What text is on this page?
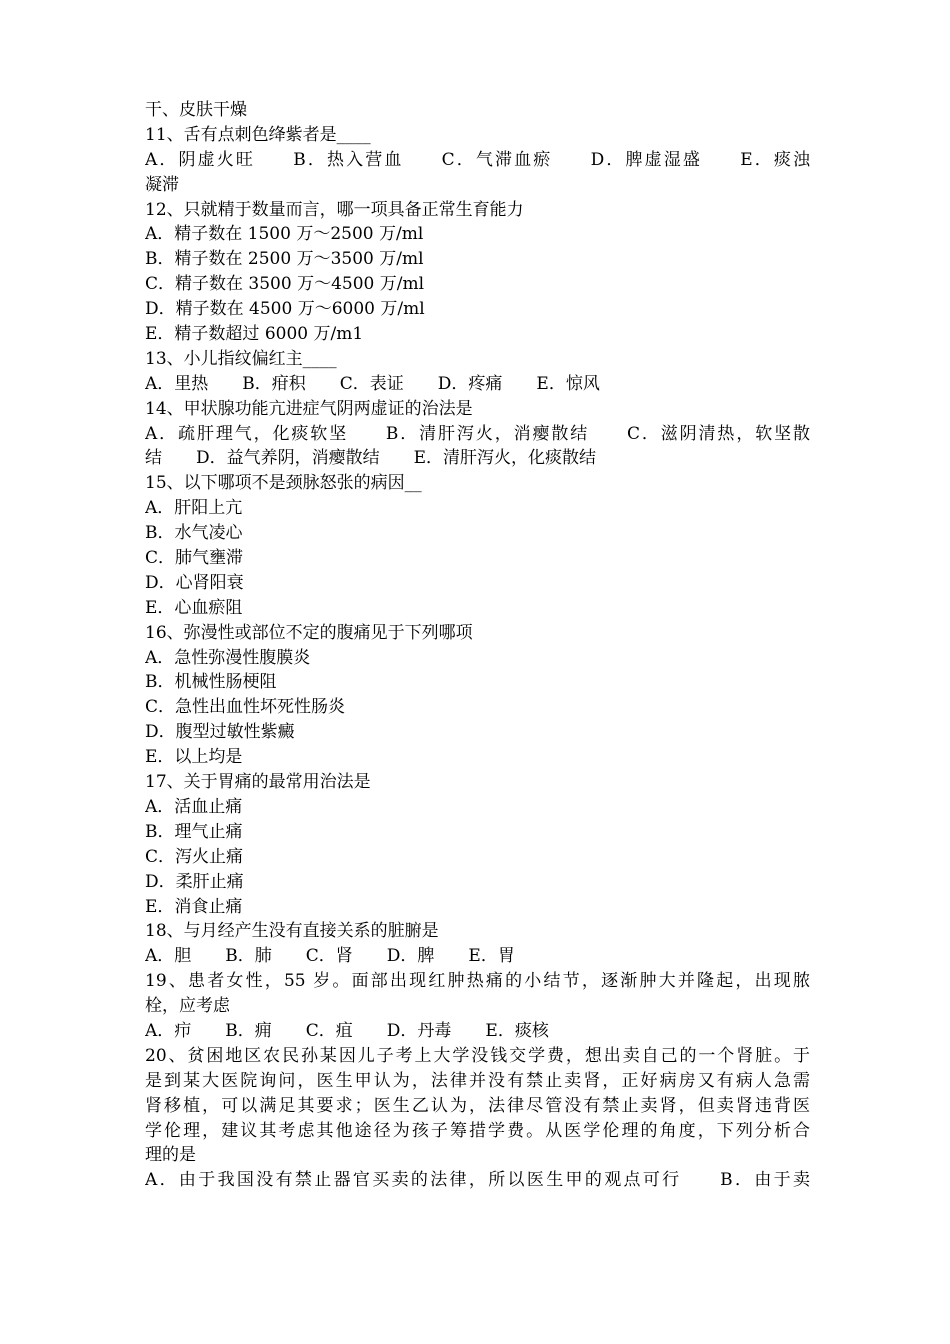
干、皮肤干燥
11、舌有点刺色绛紫者是____
A．阴虚火旺　　B．热入营血　　C．气滞血瘀　　D．脾虚湿盛　　E．痰浊
凝滞
12、只就精于数量而言，哪一项具备正常生育能力
A．精子数在 1500 万～2500 万/ml
B．精子数在 2500 万～3500 万/ml
C．精子数在 3500 万～4500 万/ml
D．精子数在 4500 万～6000 万/ml
E．精子数超过 6000 万/m1
13、小儿指纹偏红主____
A．里热　　B．疳积　　C．表证　　D．疼痛　　E．惊风
14、甲状腺功能亢进症气阴两虚证的治法是
A．疏肝理气，化痰软坚　　B．清肝泻火，消瘿散结　　C．滋阴清热，软坚散
结　　D．益气养阴，消瘿散结　　E．清肝泻火，化痰散结
15、以下哪项不是颈脉怒张的病因__
A．肝阳上亢
B．水气凌心
C．肺气壅滞
D．心肾阳衰
E．心血瘀阻
16、弥漫性或部位不定的腹痛见于下列哪项
A．急性弥漫性腹膜炎
B．机械性肠梗阻
C．急性出血性坏死性肠炎
D．腹型过敏性紫癜
E．以上均是
17、关于胃痛的最常用治法是
A．活血止痛
B．理气止痛
C．泻火止痛
D．柔肝止痛
E．消食止痛
18、与月经产生没有直接关系的脏腑是
A．胆　　B．肺　　C．肾　　D．脾　　E．胃
19、患者女性，55 岁。面部出现红肿热痛的小结节，逐渐肿大并隆起，出现脓
栓，应考虑
A．疖　　B．痈　　C．疽　　D．丹毒　　E．痰核
20、贫困地区农民孙某因儿子考上大学没钱交学费，想出卖自己的一个肾脏。于
是到某大医院询问，医生甲认为，法律并没有禁止卖肾，正好病房又有病人急需
肾移植，可以满足其要求；医生乙认为，法律尽管没有禁止卖肾，但卖肾违背医
学伦理，建议其考虑其他途径为孩子筹措学费。从医学伦理的角度，下列分析合
理的是
A．由于我国没有禁止器官买卖的法律，所以医生甲的观点可行　　B．由于卖
